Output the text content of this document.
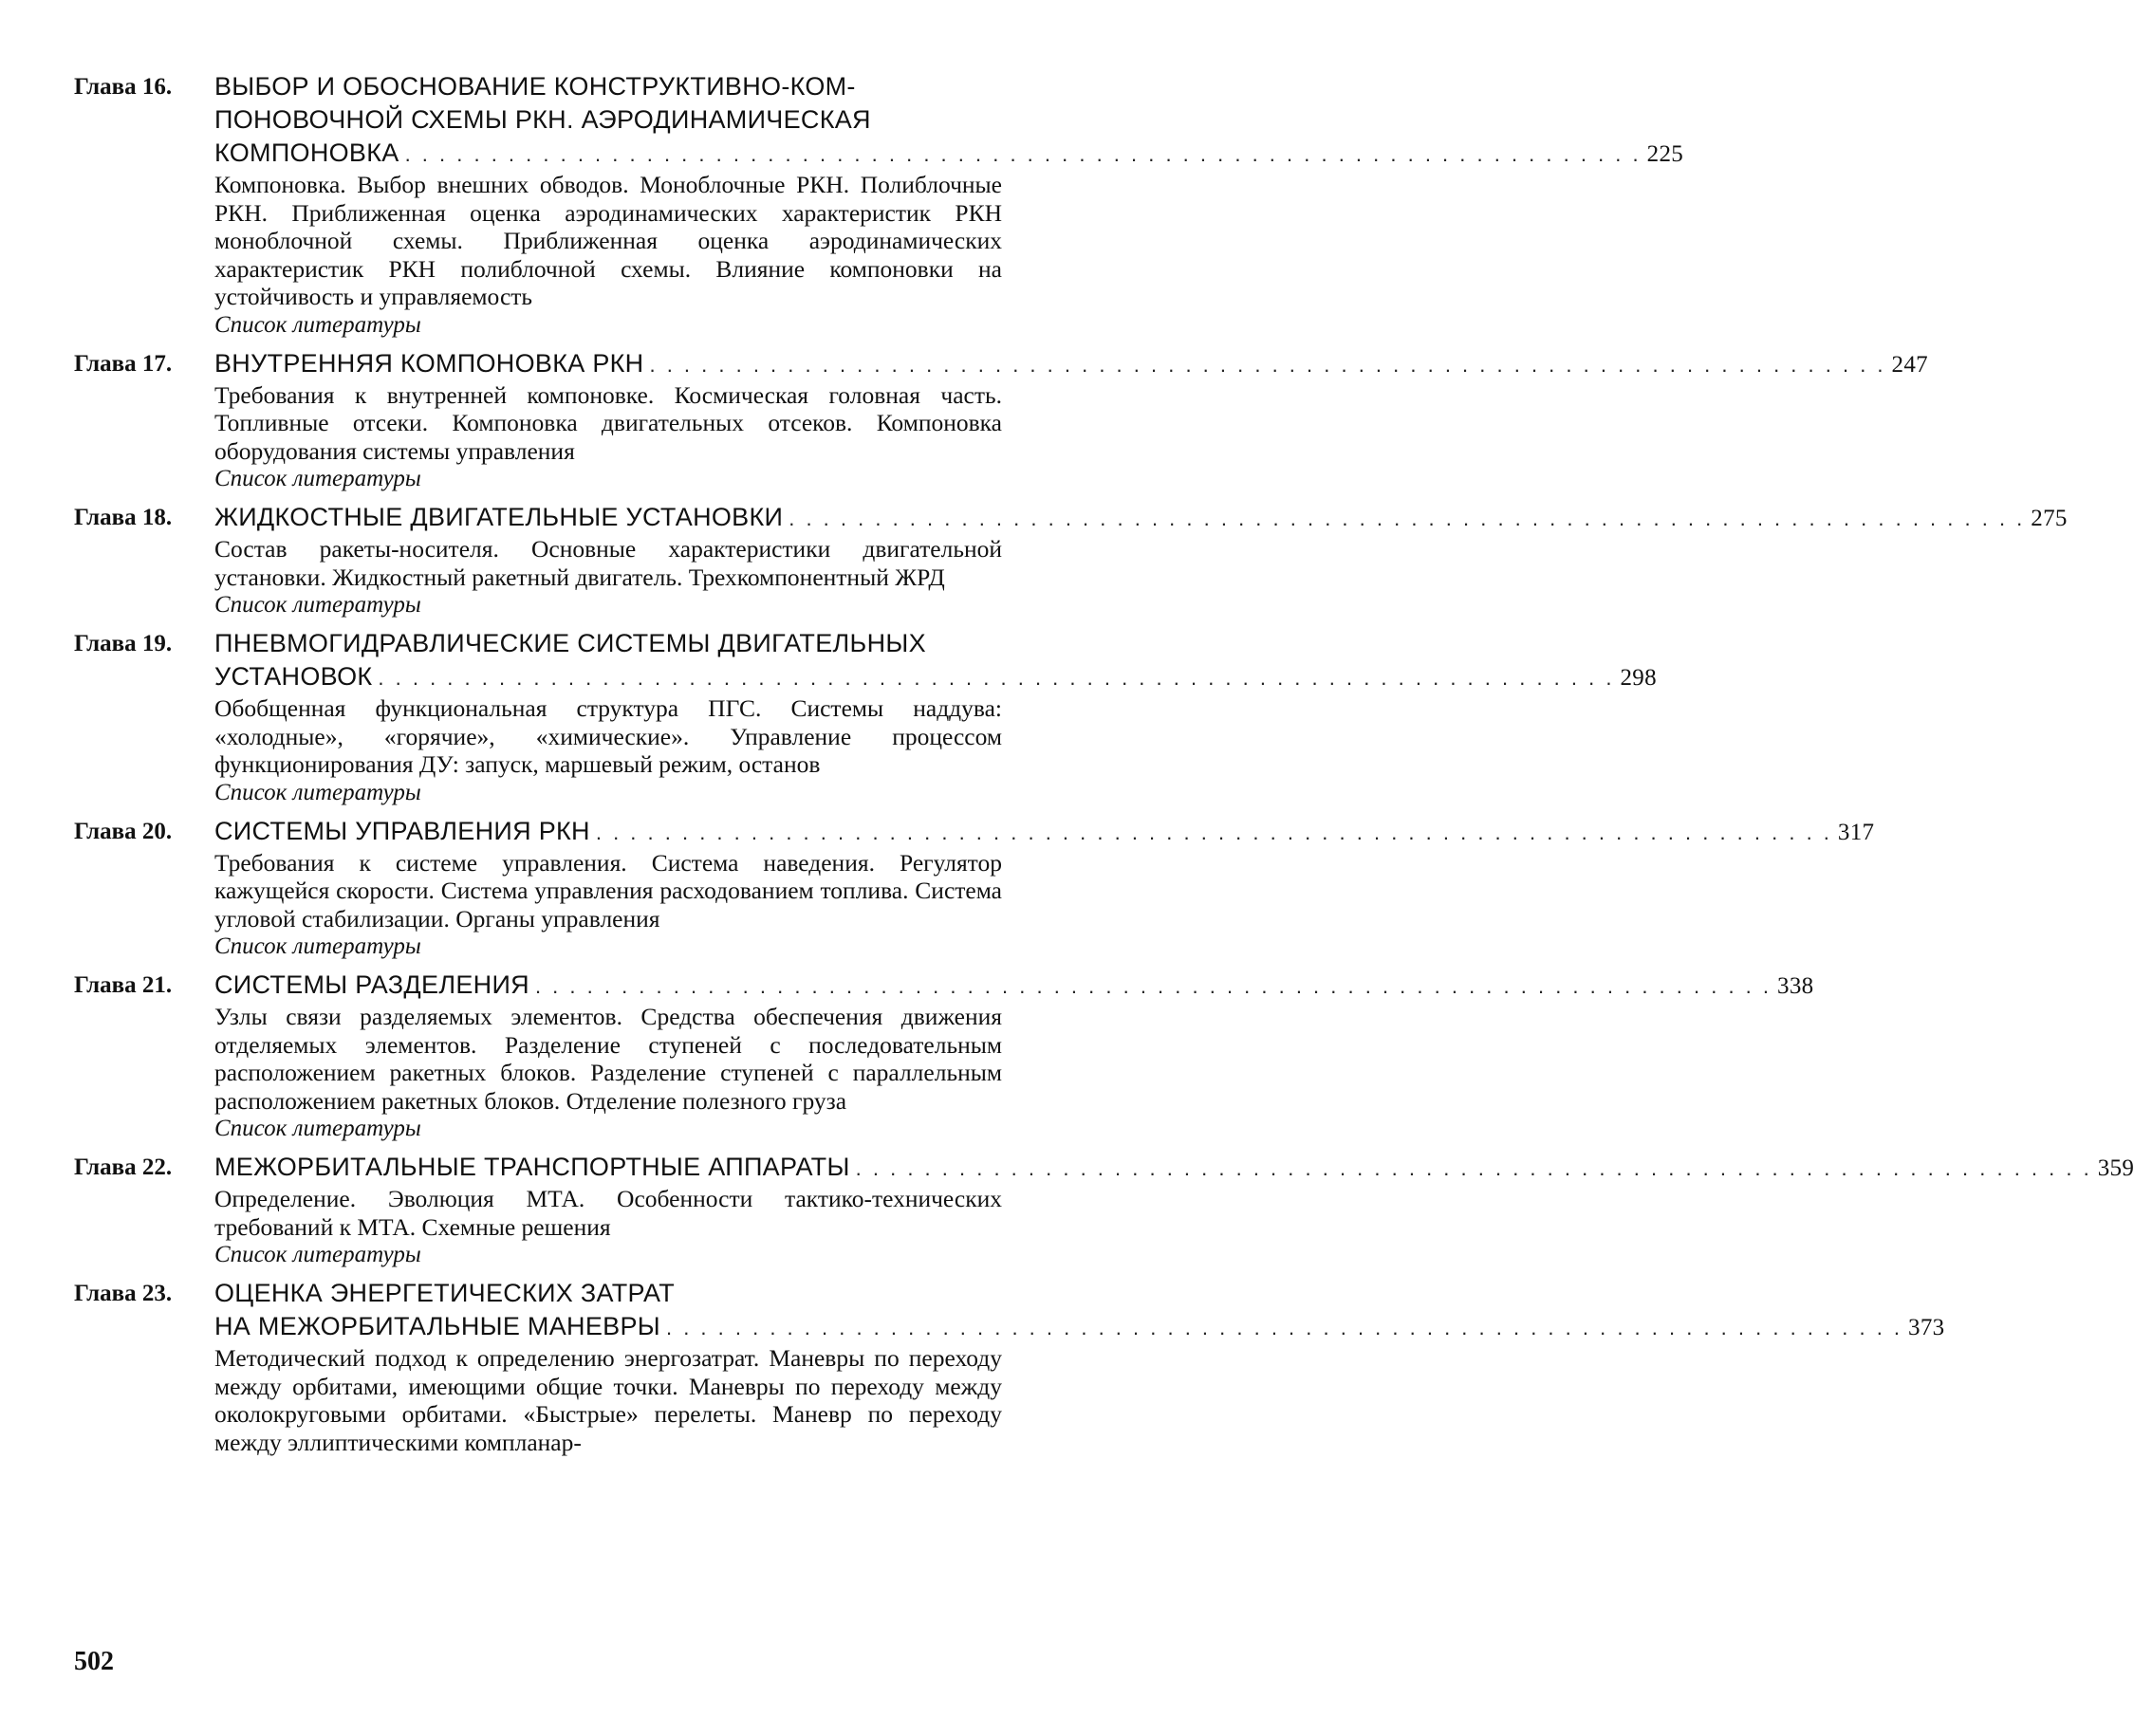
Глава 16.	ВЫБОР И ОБОСНОВАНИЕ КОНСТРУКТИВНО-КОМ-
ПОНОВОЧНОЙ СХЕМЫ РКН. АЭРОДИНАМИЧЕСКАЯ
КОМПОНОВКА . . .	225
Компоновка. Выбор внешних обводов. Моноблочные РКН. Полиблочные РКН. Приближенная оценка аэродинамических характеристик РКН моноблочной схемы. Приближенная оценка аэродинамических характеристик РКН полиблочной схемы. Влияние компоновки на устойчивость и управляемость
Список литературы
Глава 17.	ВНУТРЕННЯЯ КОМПОНОВКА РКН . . .	247
Требования к внутренней компоновке. Космическая головная часть. Топливные отсеки. Компоновка двигательных отсеков. Компоновка оборудования системы управления
Список литературы
Глава 18.	ЖИДКОСТНЫЕ ДВИГАТЕЛЬНЫЕ УСТАНОВКИ . . .	275
Состав ракеты-носителя. Основные характеристики двигательной установки. Жидкостный ракетный двигатель. Трехкомпонентный ЖРД
Список литературы
Глава 19.	ПНЕВМОГИДРАВЛИЧЕСКИЕ СИСТЕМЫ ДВИГАТЕЛЬНЫХ
УСТАНОВОК . . .	298
Обобщенная функциональная структура ПГС. Системы наддува: «холодные», «горячие», «химические». Управление процессом функционирования ДУ: запуск, маршевый режим, останов
Список литературы
Глава 20.	СИСТЕМЫ УПРАВЛЕНИЯ РКН . . .	317
Требования к системе управления. Система наведения. Регулятор кажущейся скорости. Система управления расходованием топлива. Система угловой стабилизации. Органы управления
Список литературы
Глава 21.	СИСТЕМЫ РАЗДЕЛЕНИЯ . . .	338
Узлы связи разделяемых элементов. Средства обеспечения движения отделяемых элементов. Разделение ступеней с последовательным расположением ракетных блоков. Разделение ступеней с параллельным расположением ракетных блоков. Отделение полезного груза
Список литературы
Глава 22.	МЕЖОРБИТАЛЬНЫЕ ТРАНСПОРТНЫЕ АППАРАТЫ . . .	359
Определение. Эволюция МТА. Особенности тактико-технических требований к МТА. Схемные решения
Список литературы
Глава 23.	ОЦЕНКА ЭНЕРГЕТИЧЕСКИХ ЗАТРАТ
НА МЕЖОРБИТАЛЬНЫЕ МАНЕВРЫ . . .	373
Методический подход к определению энергозатрат. Маневры по переходу между орбитами, имеющими общие точки. Маневры по переходу между околокруговыми орбитами. «Быстрые» перелеты. Маневр по переходу между эллиптическими компланар-
502
